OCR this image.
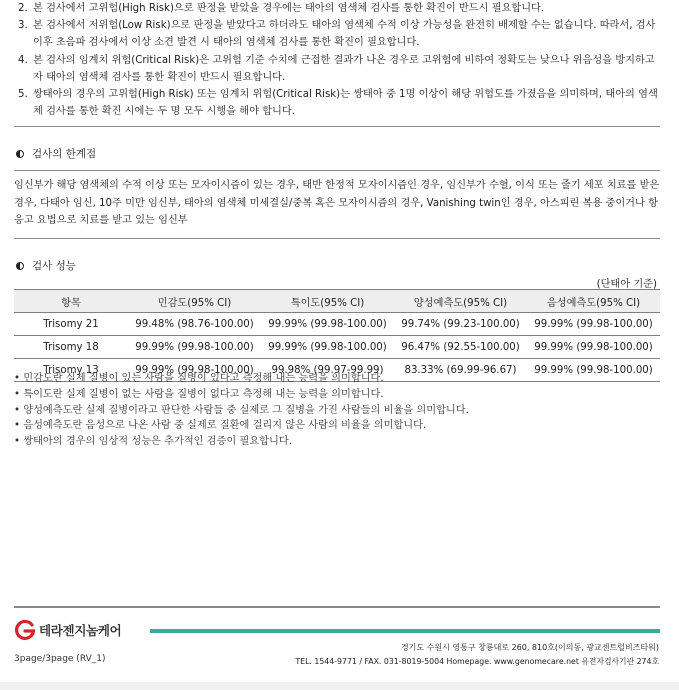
2. 본 검사에서 고위험(High Risk)으로 판정을 받았을 경우에는 태아의 염색체 검사를 통한 확진이 반드시 필요합니다.
3. 본 검사에서 저위험(Low Risk)으로 판정을 받았다고 하더라도 태아의 염색체 수적 이상 가능성을 완전히 배제할 수는 없습니다. 따라서, 검사 이후 초음파 검사에서 이상 소견 발견 시 태아의 염색체 검사를 통한 확진이 필요합니다.
4. 본 검사의 임계치 위험(Critical Risk)은 고위험 기준 수치에 근접한 결과가 나온 경우로 고위험에 비하여 정확도는 낮으나 위음성을 방지하고자 태아의 염색체 검사를 통한 확진이 반드시 필요합니다.
5. 쌍태아의 경우의 고위험(High Risk) 또는 임계치 위험(Critical Risk)는 쌍태아 중 1명 이상이 해당 위험도를 가졌음을 의미하며, 태아의 염색체 검사를 통한 확진 시에는 두 명 모두 시행을 해야 합니다.
검사의 한계점
임신부가 해당 염색체의 수적 이상 또는 모자이시즘이 있는 경우, 태반 한정적 모자이시즘인 경우, 임신부가 수혈, 이식 또는 줄기 세포 치료를 받은 경우, 다태아 임신, 10주 미만 임신부, 태아의 염색체 미세결실/중복 혹은 모자이시즘의 경우, Vanishing twin인 경우, 아스피린 복용 중이거나 항 응고 요법으로 치료를 받고 있는 임신부
검사 성능
(단태아 기준)
항목	민감도(95% CI)	특이도(95% CI)	양성예측도(95% CI)	음성예측도(95% CI)
Trisomy 21	99.48% (98.76-100.00)	99.99% (99.98-100.00)	99.74% (99.23-100.00)	99.99% (99.98-100.00)
Trisomy 18	99.99% (99.98-100.00)	99.99% (99.98-100.00)	96.47% (92.55-100.00)	99.99% (99.98-100.00)
Trisomy 13	99.99% (99.98-100.00)	99.98% (99.97-99.99)	83.33% (69.99-96.67)	99.99% (99.98-100.00)
• 민감도란 실제 질병이 있는 사람을 질병이 있다고 측정해 내는 능력을 의미합니다.
• 특이도란 실제 질병이 없는 사람을 질병이 없다고 측정해 내는 능력을 의미합니다.
• 양성예측도란 실제 질병이라고 판단한 사람들 중 실제로 그 질병을 가진 사람들의 비율을 의미합니다.
• 음성예측도란 음성으로 나온 사람 중 실제로 질환에 걸리지 않은 사람의 비율을 의미합니다.
• 쌍태아의 경우의 임상적 성능은 추가적인 검증이 필요합니다.
테라젠지놈케어
경기도 수원시 영통구 창룡대로 260, 810호(이의동, 광교센트럴비즈타워)
TEL. 1544-9771 / FAX. 031-8019-5004 Homepage. www.genomecare.net 유전자검사기관 274호
3page/3page (RV_1)
